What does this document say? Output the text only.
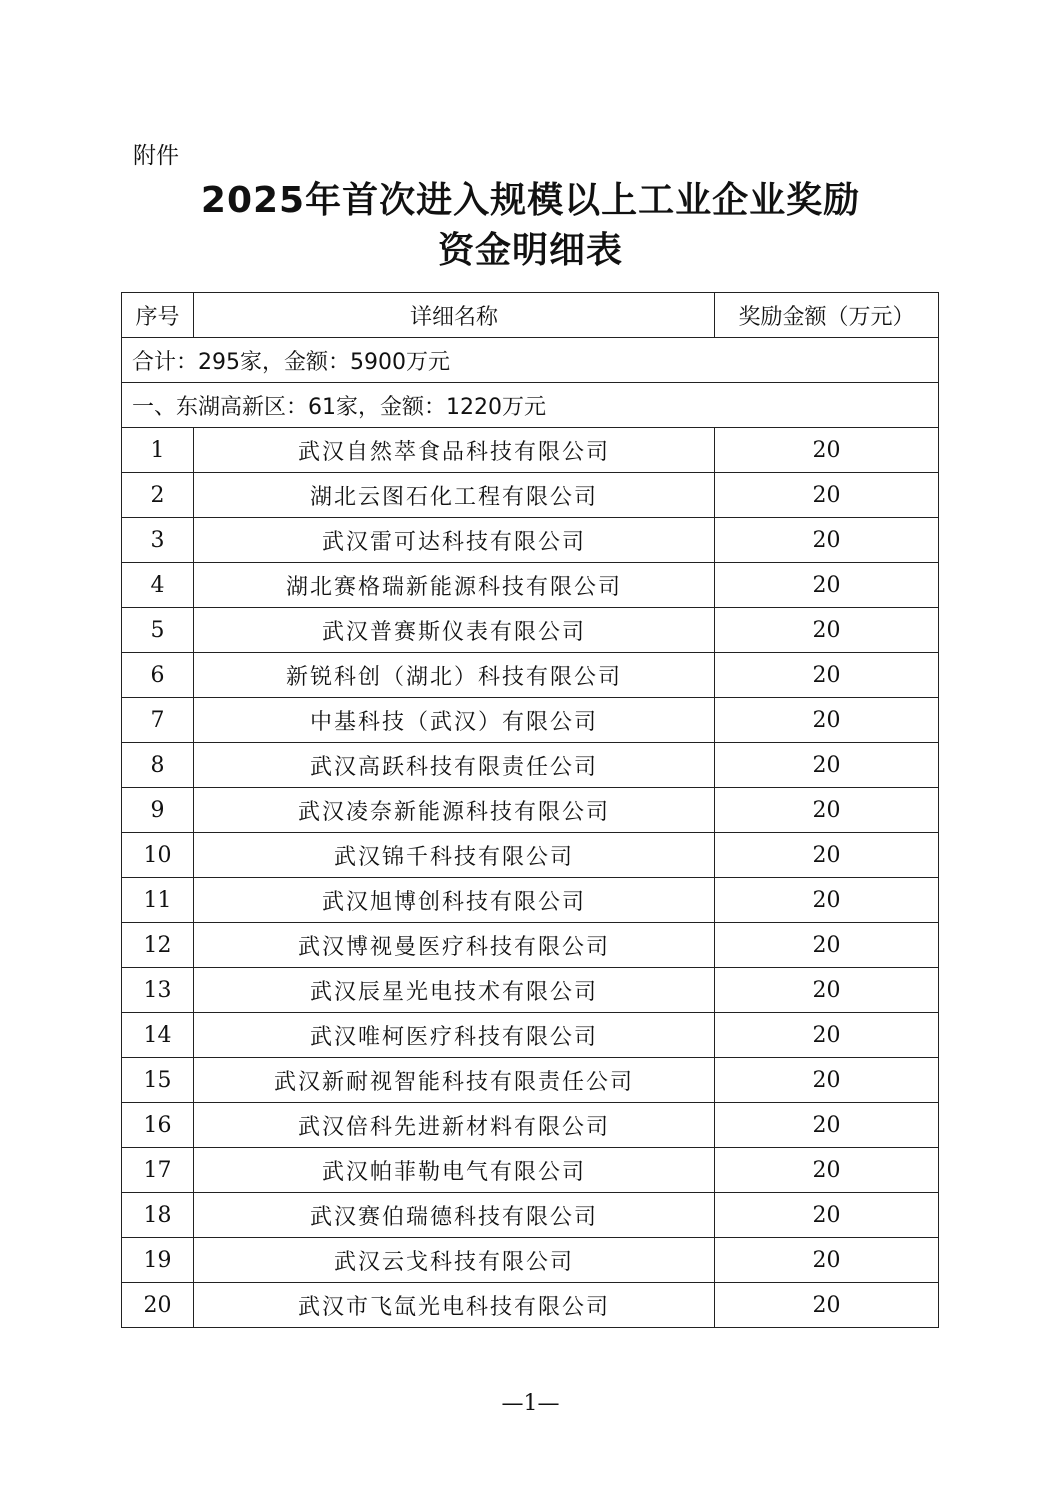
附件
2025年首次进入规模以上工业企业奖励
资金明细表
序号	详细名称	奖励金额（万元）
合计：295家，金额：5900万元		
一、东湖高新区：61家，金额：1220万元		
1	武汉自然萃食品科技有限公司	20
2	湖北云图石化工程有限公司	20
3	武汉雷可达科技有限公司	20
4	湖北赛格瑞新能源科技有限公司	20
5	武汉普赛斯仪表有限公司	20
6	新锐科创（湖北）科技有限公司	20
7	中基科技（武汉）有限公司	20
8	武汉高跃科技有限责任公司	20
9	武汉凌奈新能源科技有限公司	20
10	武汉锦千科技有限公司	20
11	武汉旭博创科技有限公司	20
12	武汉博视曼医疗科技有限公司	20
13	武汉辰星光电技术有限公司	20
14	武汉唯柯医疗科技有限公司	20
15	武汉新耐视智能科技有限责任公司	20
16	武汉倍科先进新材料有限公司	20
17	武汉帕菲勒电气有限公司	20
18	武汉赛伯瑞德科技有限公司	20
19	武汉云戈科技有限公司	20
20	武汉市飞氙光电科技有限公司	20
—1—
